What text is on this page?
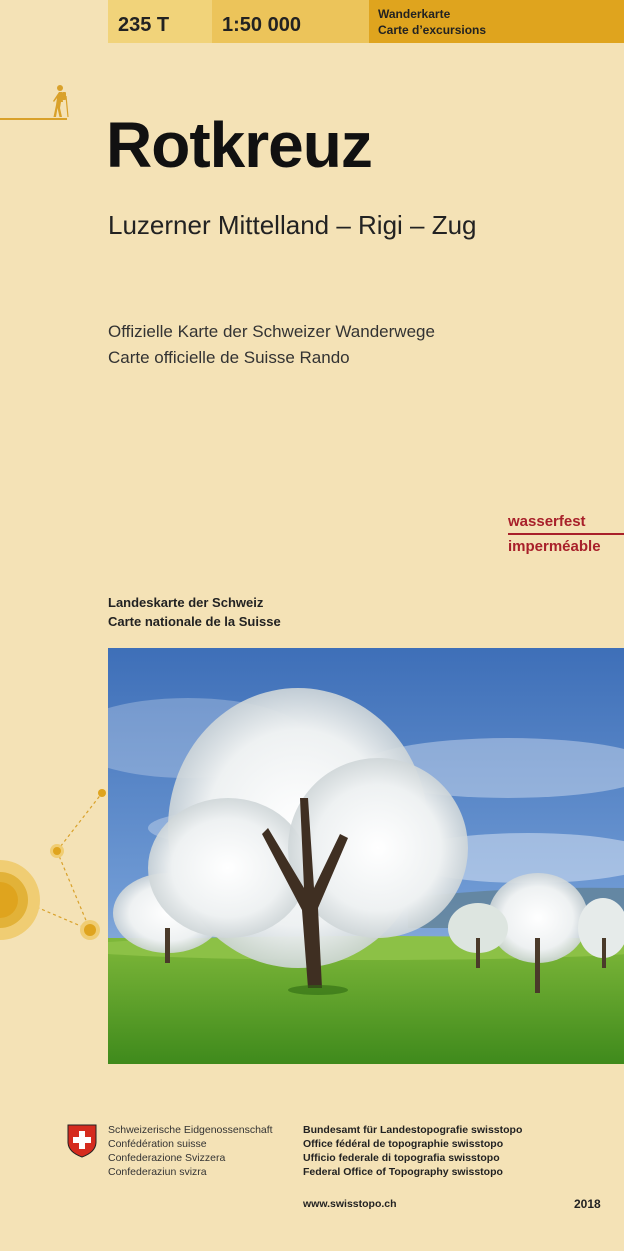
235 T	1:50 000	Wanderkarte
Carte d’excursions
Rotkreuz
Luzerner Mittelland – Rigi – Zug
Offizielle Karte der Schweizer Wanderwege
Carte officielle de Suisse Rando
wasserfest
imperméable
Landeskarte der Schweiz
Carte nationale de la Suisse
Schweizerische Eidgenossenschaft
Confédération suisse
Confederazione Svizzera
Confederaziun svizra
Bundesamt für Landestopografie swisstopo
Office fédéral de topographie swisstopo
Ufficio federale di topografia swisstopo
Federal Office of Topography swisstopo
www.swisstopo.ch	2018
